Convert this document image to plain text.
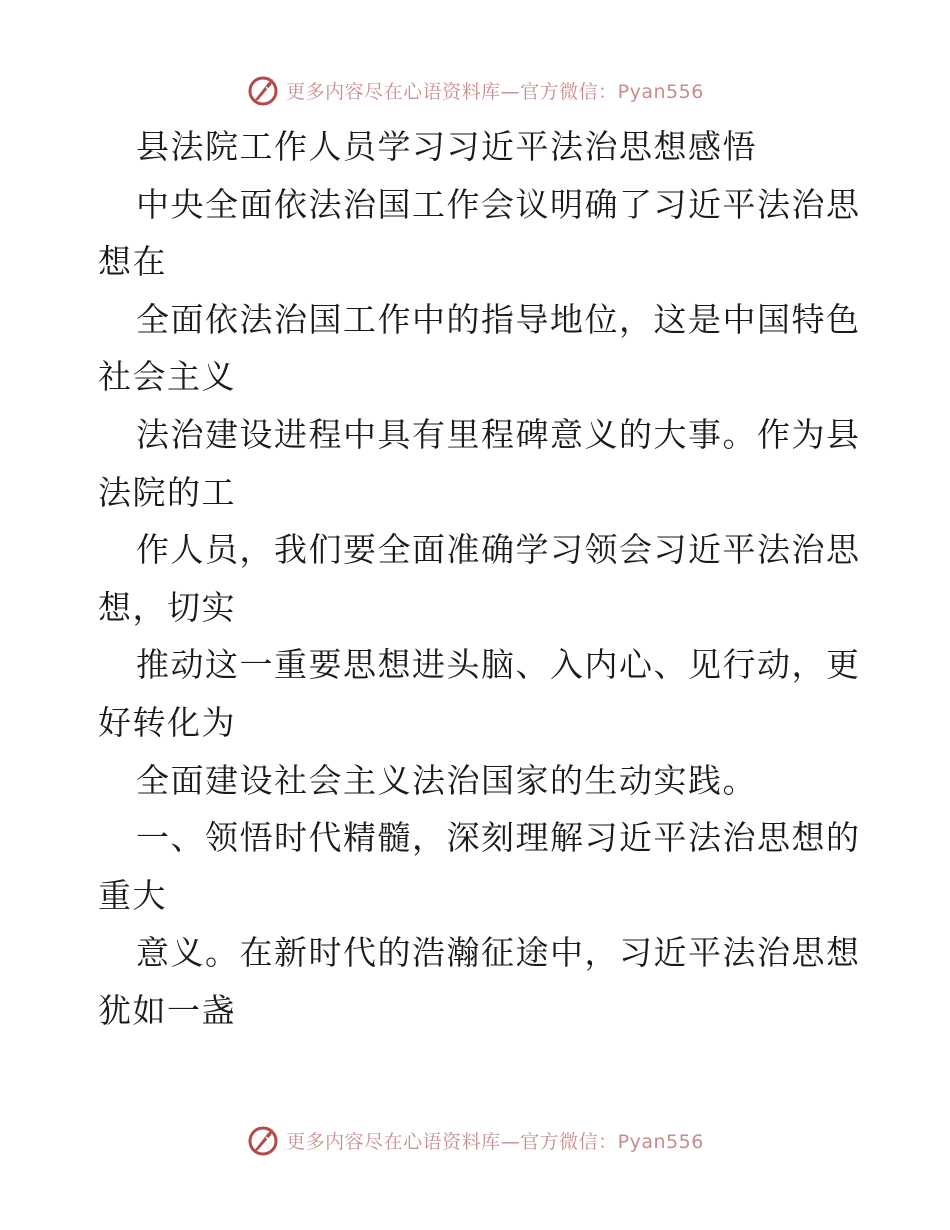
更多内容尽在心语资料库—官方微信：Pyan556
县法院工作人员学习习近平法治思想感悟
中央全面依法治国工作会议明确了习近平法治思
想在
全面依法治国工作中的指导地位，这是中国特色
社会主义
法治建设进程中具有里程碑意义的大事。作为县
法院的工
作人员，我们要全面准确学习领会习近平法治思
想，切实
推动这一重要思想进头脑、入内心、见行动，更
好转化为
全面建设社会主义法治国家的生动实践。
一、领悟时代精髓，深刻理解习近平法治思想的
重大
意义。在新时代的浩瀚征途中，习近平法治思想
犹如一盏
更多内容尽在心语资料库—官方微信：Pyan556
